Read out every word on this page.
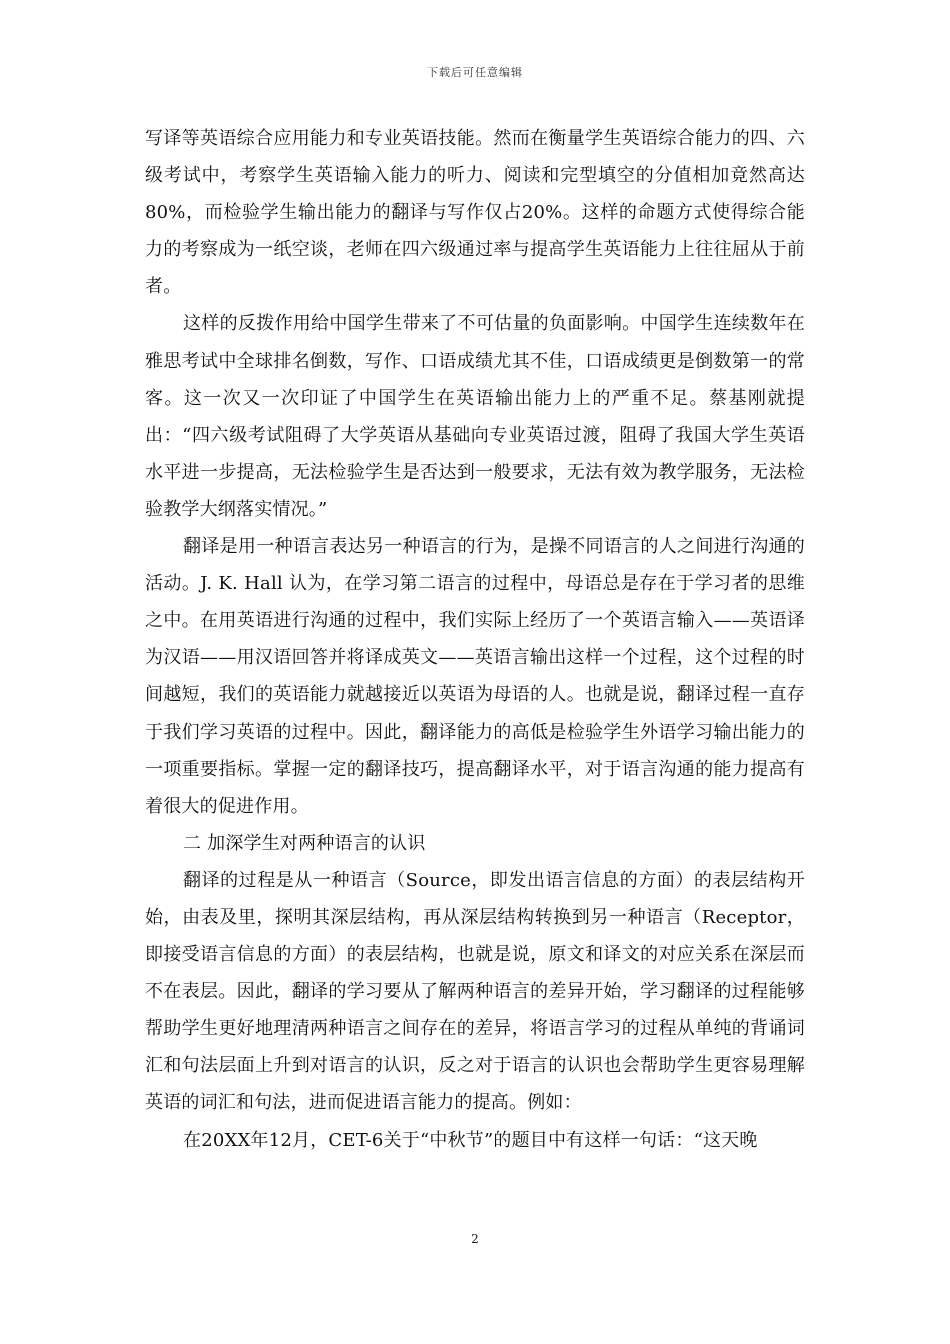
下载后可任意编辑

写译等英语综合应用能力和专业英语技能。然而在衡量学生英语综合能力的四、六级考试中，考察学生英语输入能力的听力、阅读和完型填空的分值相加竟然高达80%，而检验学生输出能力的翻译与写作仅占20%。这样的命题方式使得综合能力的考察成为一纸空谈，老师在四六级通过率与提高学生英语能力上往往屈从于前者。

这样的反拨作用给中国学生带来了不可估量的负面影响。中国学生连续数年在雅思考试中全球排名倒数，写作、口语成绩尤其不佳，口语成绩更是倒数第一的常客。这一次又一次印证了中国学生在英语输出能力上的严重不足。蔡基刚就提出：“四六级考试阻碍了大学英语从基础向专业英语过渡，阻碍了我国大学生英语水平进一步提高，无法检验学生是否达到一般要求，无法有效为教学服务，无法检验教学大纲落实情况。”

翻译是用一种语言表达另一种语言的行为，是操不同语言的人之间进行沟通的活动。J. K. Hall 认为，在学习第二语言的过程中，母语总是存在于学习者的思维之中。在用英语进行沟通的过程中，我们实际上经历了一个英语言输入——英语译为汉语——用汉语回答并将译成英文——英语言输出这样一个过程，这个过程的时间越短，我们的英语能力就越接近以英语为母语的人。也就是说，翻译过程一直存于我们学习英语的过程中。因此，翻译能力的高低是检验学生外语学习输出能力的一项重要指标。掌握一定的翻译技巧，提高翻译水平，对于语言沟通的能力提高有着很大的促进作用。

二 加深学生对两种语言的认识

翻译的过程是从一种语言（Source，即发出语言信息的方面）的表层结构开始，由表及里，探明其深层结构，再从深层结构转换到另一种语言（Receptor，即接受语言信息的方面）的表层结构，也就是说，原文和译文的对应关系在深层而不在表层。因此，翻译的学习要从了解两种语言的差异开始，学习翻译的过程能够帮助学生更好地理清两种语言之间存在的差异，将语言学习的过程从单纯的背诵词汇和句法层面上升到对语言的认识，反之对于语言的认识也会帮助学生更容易理解英语的词汇和句法，进而促进语言能力的提高。例如：

在20XX年12月，CET-6关于“中秋节”的题目中有这样一句话：“这天晚

2
